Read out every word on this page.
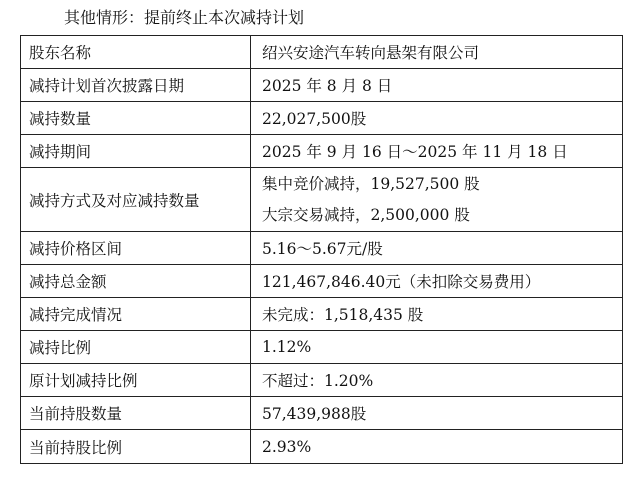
其他情形：提前终止本次减持计划
股东名称	绍兴安途汽车转向悬架有限公司
减持计划首次披露日期	2025 年 8 月 8 日
减持数量	22,027,500股
减持期间	2025 年 9 月 16 日～2025 年 11 月 18 日
减持方式及对应减持数量	集中竞价减持，19,527,500 股
大宗交易减持，2,500,000 股

减持价格区间	5.16～5.67元/股
减持总金额	121,467,846.40元（未扣除交易费用）
减持完成情况	未完成：1,518,435 股
减持比例	1.12%
原计划减持比例	不超过：1.20%
当前持股数量	57,439,988股
当前持股比例	2.93%
